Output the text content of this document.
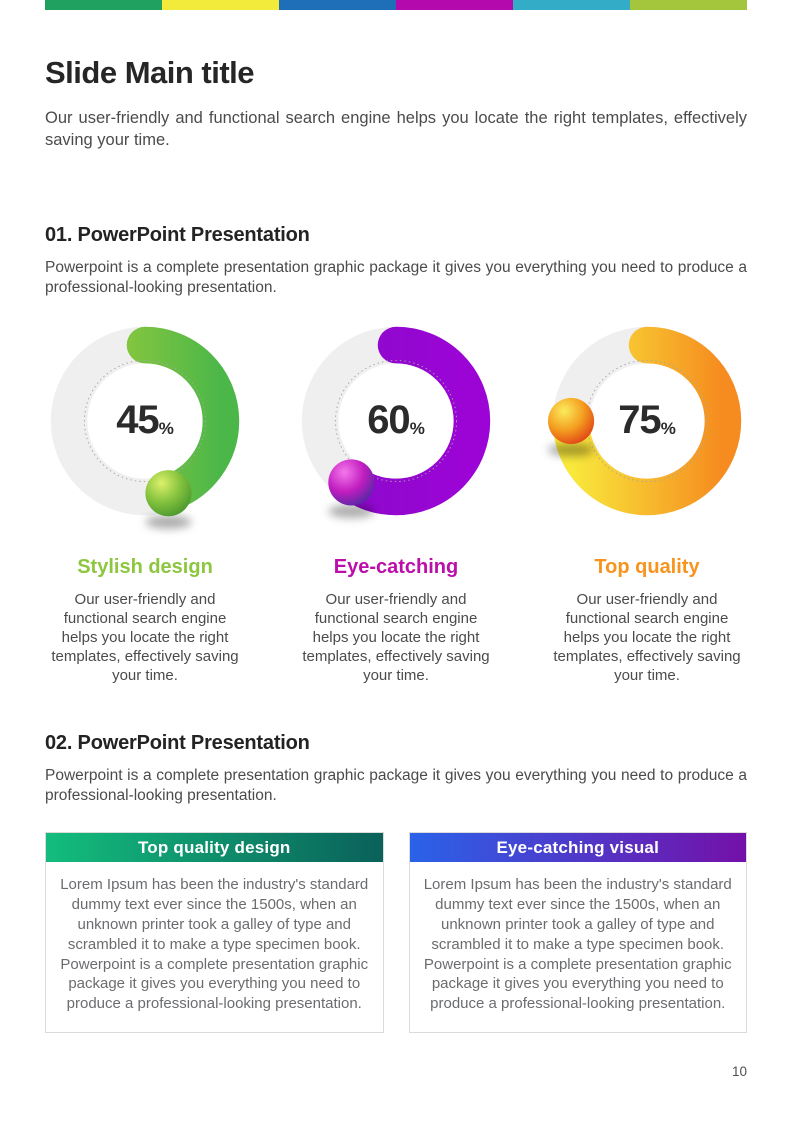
Slide Main title

Our user-friendly and functional search engine helps you locate the right templates, effectively saving your time.

01. PowerPoint Presentation

Powerpoint is a complete presentation graphic package it gives you everything you need to produce a professional-looking presentation.

45 %
Stylish design

Our user-friendly and functional search engine helps you locate the right templates, effectively saving your time.

60 %
Eye-catching

Our user-friendly and functional search engine helps you locate the right templates, effectively saving your time.

75 %
Top quality

Our user-friendly and functional search engine helps you locate the right templates, effectively saving your time.

02. PowerPoint Presentation

Powerpoint is a complete presentation graphic package it gives you everything you need to produce a professional-looking presentation.

Top quality design
Lorem Ipsum has been the industry's standard dummy text ever since the 1500s, when an unknown printer took a galley of type and scrambled it to make a type specimen book. Powerpoint is a complete presentation graphic package it gives you everything you need to produce a professional-looking presentation.
Eye-catching visual
Lorem Ipsum has been the industry's standard dummy text ever since the 1500s, when an unknown printer took a galley of type and scrambled it to make a type specimen book. Powerpoint is a complete presentation graphic package it gives you everything you need to produce a professional-looking presentation.
10
